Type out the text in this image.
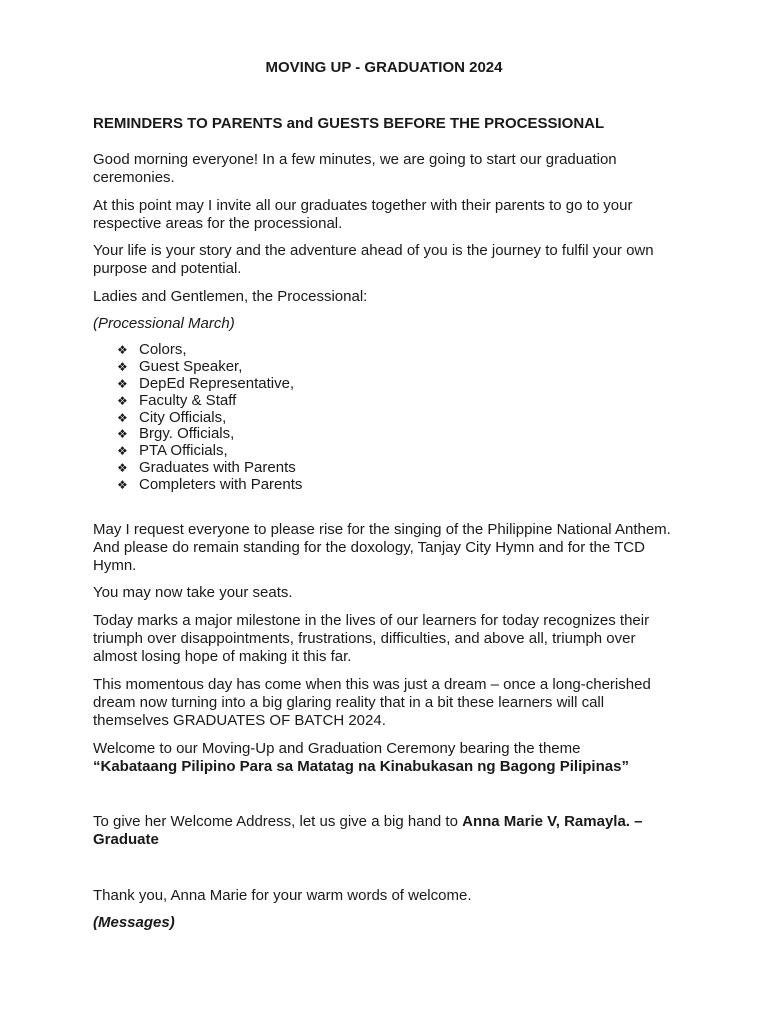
MOVING UP - GRADUATION 2024
REMINDERS TO PARENTS and GUESTS BEFORE THE PROCESSIONAL

Good morning everyone! In a few minutes, we are going to start our graduation ceremonies.

At this point may I invite all our graduates together with their parents to go to your respective areas for the processional.

Your life is your story and the adventure ahead of you is the journey to fulfil your own purpose and potential.

Ladies and Gentlemen, the Processional:

(Processional March)

❖ Colors,
❖ Guest Speaker,
❖ DepEd Representative,
❖ Faculty & Staff
❖ City Officials,
❖ Brgy. Officials,
❖ PTA Officials,
❖ Graduates with Parents
❖ Completers with Parents

May I request everyone to please rise for the singing of the Philippine National Anthem. And please do remain standing for the doxology, Tanjay City Hymn and for the TCD Hymn.

You may now take your seats.

Today marks a major milestone in the lives of our learners for today recognizes their triumph over disappointments, frustrations, difficulties, and above all, triumph over almost losing hope of making it this far.

This momentous day has come when this was just a dream – once a long-cherished dream now turning into a big glaring reality that in a bit these learners will call themselves GRADUATES OF BATCH 2024.

Welcome to our Moving-Up and Graduation Ceremony bearing the theme
“Kabataang Pilipino Para sa Matatag na Kinabukasan ng Bagong Pilipinas”

To give her Welcome Address, let us give a big hand to Anna Marie V, Ramayla. – Graduate

Thank you, Anna Marie for your warm words of welcome.

(Messages)
